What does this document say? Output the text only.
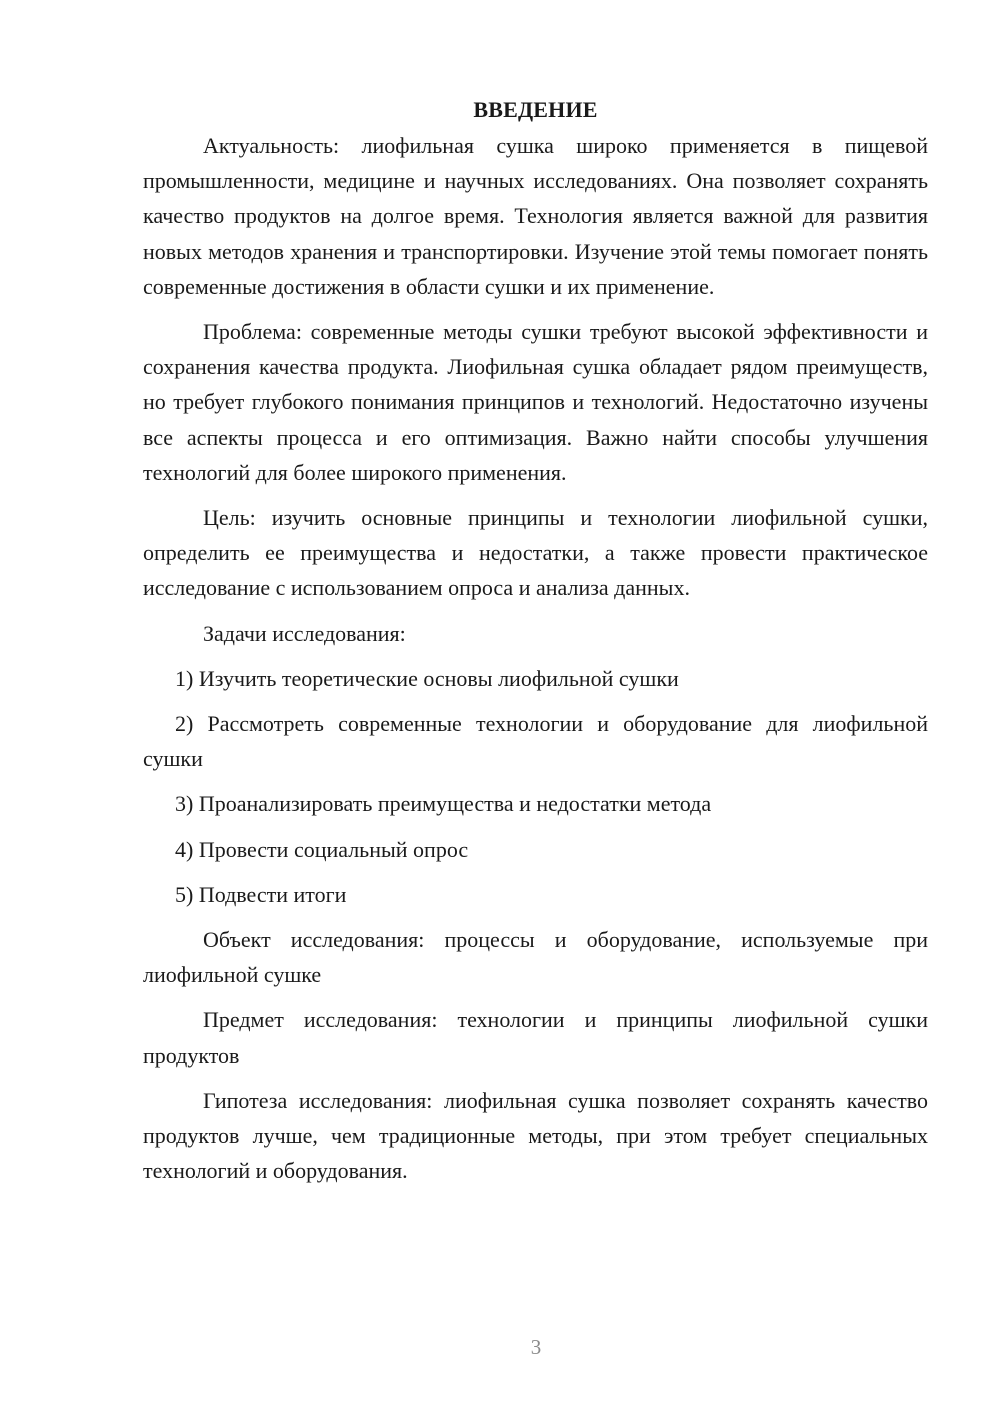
ВВЕДЕНИЕ

Актуальность: лиофильная сушка широко применяется в пищевой промышленности, медицине и научных исследованиях. Она позволяет сохранять качество продуктов на долгое время. Технология является важной для развития новых методов хранения и транспортировки. Изучение этой темы помогает понять современные достижения в области сушки и их применение.

Проблема: современные методы сушки требуют высокой эффективности и сохранения качества продукта. Лиофильная сушка обладает рядом преимуществ, но требует глубокого понимания принципов и технологий. Недостаточно изучены все аспекты процесса и его оптимизация. Важно найти способы улучшения технологий для более широкого применения.

Цель: изучить основные принципы и технологии лиофильной сушки, определить ее преимущества и недостатки, а также провести практическое исследование с использованием опроса и анализа данных.

Задачи исследования:

1) Изучить теоретические основы лиофильной сушки

2) Рассмотреть современные технологии и оборудование для лиофильной сушки

3) Проанализировать преимущества и недостатки метода

4) Провести социальный опрос

5) Подвести итоги

Объект исследования: процессы и оборудование, используемые при лиофильной сушке

Предмет исследования: технологии и принципы лиофильной сушки продуктов

Гипотеза исследования: лиофильная сушка позволяет сохранять качество продуктов лучше, чем традиционные методы, при этом требует специальных технологий и оборудования.

3
